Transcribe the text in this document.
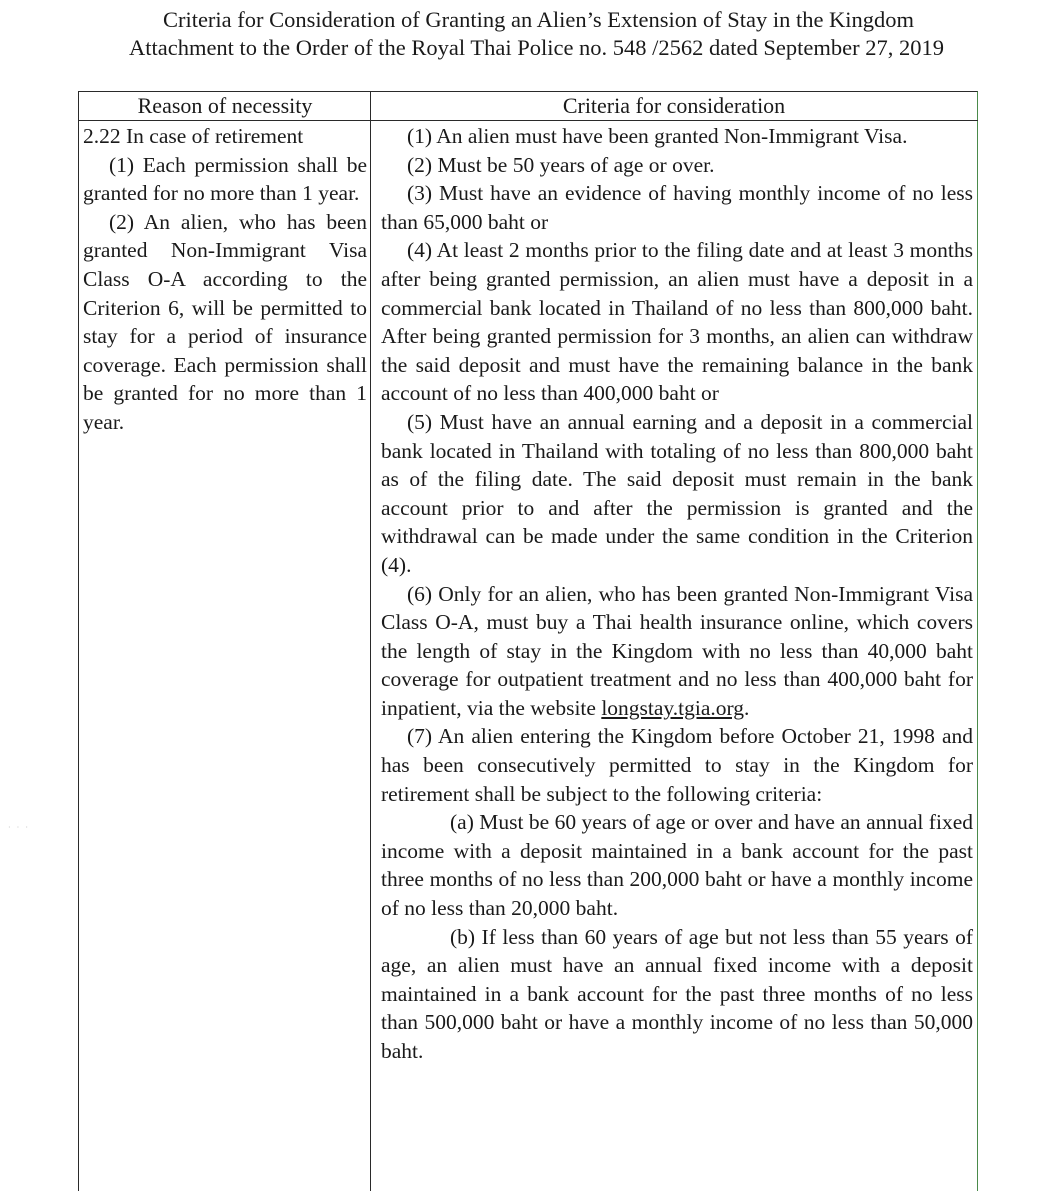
Criteria for Consideration of Granting an Alien’s Extension of Stay in the Kingdom
Attachment to the Order of the Royal Thai Police no. 548 /2562 dated September 27, 2019
Reason of necessity	Criteria for consideration

2.22 In case of retirement

(1) Each permission shall be granted for no more than 1 year.

(2) An alien, who has been granted Non-Immigrant Visa Class O-A according to the Criterion 6, will be permitted to stay for a period of insurance coverage. Each permission shall be granted for no more than 1 year.

(1) An alien must have been granted Non-Immigrant Visa.

(2) Must be 50 years of age or over.

(3) Must have an evidence of having monthly income of no less than 65,000 baht or

(4) At least 2 months prior to the filing date and at least 3 months after being granted permission, an alien must have a deposit in a commercial bank located in Thailand of no less than 800,000 baht. After being granted permission for 3 months, an alien can withdraw the said deposit and must have the remaining balance in the bank account of no less than 400,000 baht or

(5) Must have an annual earning and a deposit in a commercial bank located in Thailand with totaling of no less than 800,000 baht as of the filing date. The said deposit must remain in the bank account prior to and after the permission is granted and the withdrawal can be made under the same condition in the Criterion (4).

(6) Only for an alien, who has been granted Non-Immigrant Visa Class O-A, must buy a Thai health insurance online, which covers the length of stay in the Kingdom with no less than 40,000 baht coverage for outpatient treatment and no less than 400,000 baht for inpatient, via the website longstay.tgia.org.

(7) An alien entering the Kingdom before October 21, 1998 and has been consecutively permitted to stay in the Kingdom for retirement shall be subject to the following criteria:

(a) Must be 60 years of age or over and have an annual fixed income with a deposit maintained in a bank account for the past three months of no less than 200,000 baht or have a monthly income of no less than 20,000 baht.

(b) If less than 60 years of age but not less than 55 years of age, an alien must have an annual fixed income with a deposit maintained in a bank account for the past three months of no less than 500,000 baht or have a monthly income of no less than 50,000 baht.

· · ·
